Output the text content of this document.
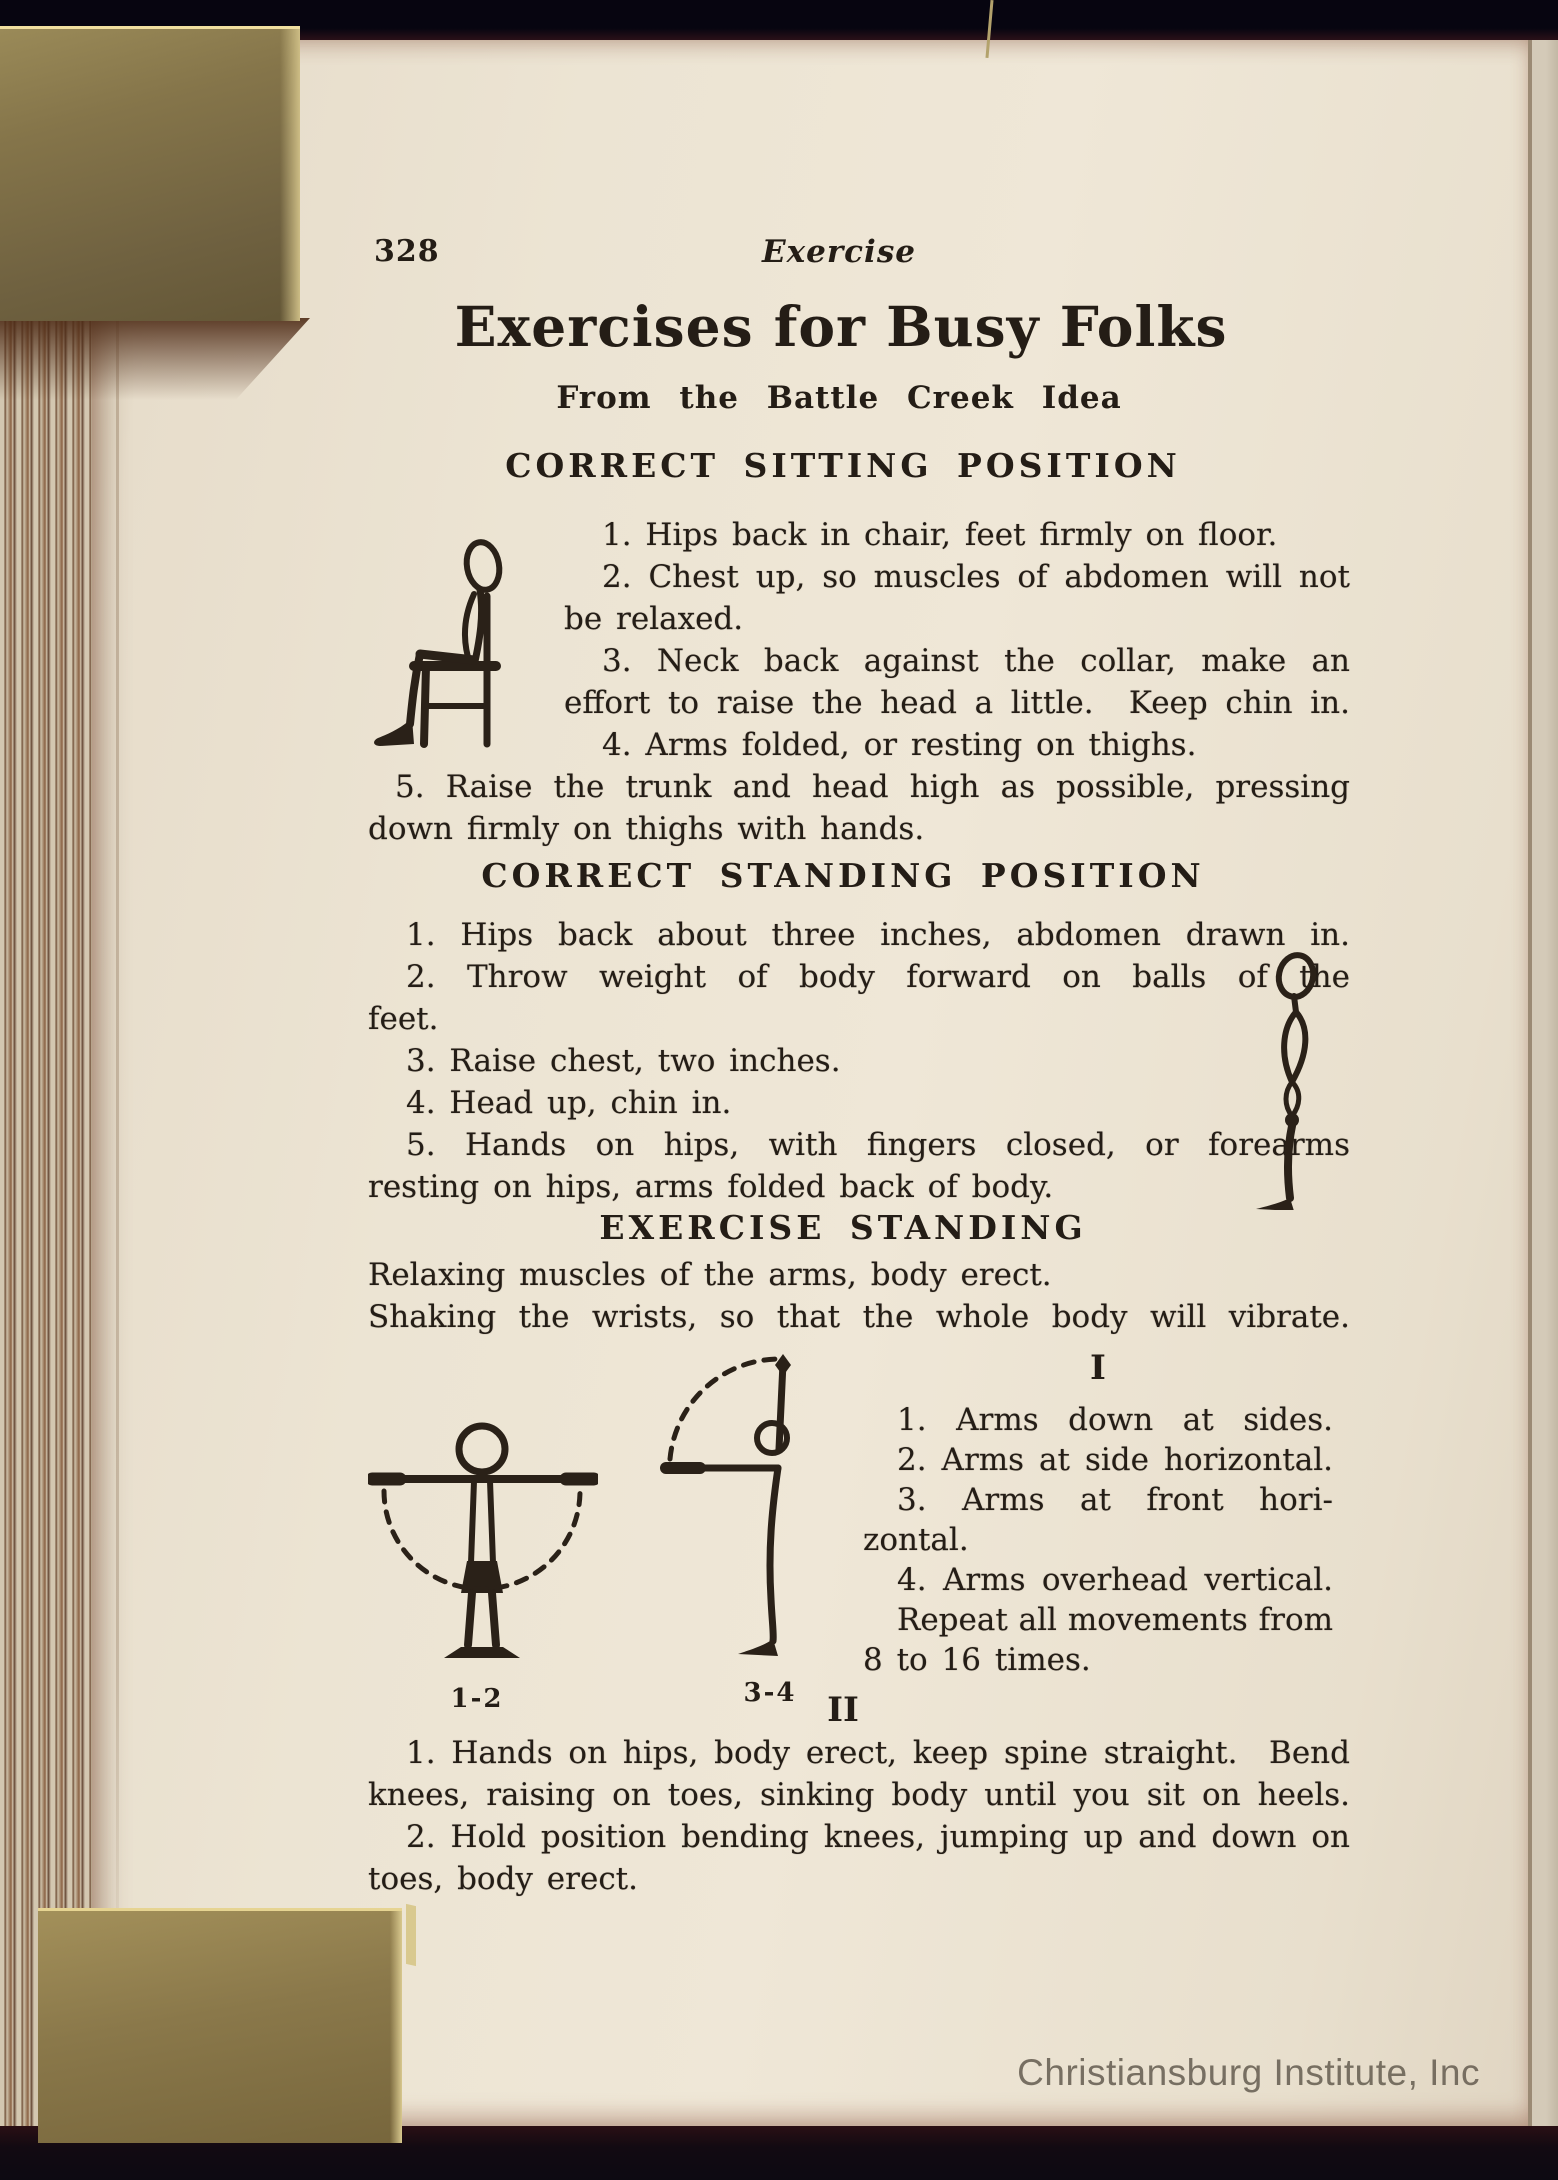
328	Exercise
Exercises for Busy Folks
From the Battle Creek Idea
CORRECT SITTING POSITION
1. Hips back in chair, feet firmly on floor.
2. Chest up, so muscles of abdomen will not
be relaxed.
3. Neck back against the collar, make an
effort to raise the head a little.  Keep chin in.
4. Arms folded, or resting on thighs.
5. Raise the trunk and head high as possible, pressing
down firmly on thighs with hands.
CORRECT STANDING POSITION
1. Hips back about three inches, abdomen drawn in.
2. Throw weight of body forward on balls of the
feet.
3. Raise chest, two inches.
4. Head up, chin in.
5. Hands on hips, with fingers closed, or forearms
resting on hips, arms folded back of body.
EXERCISE STANDING
Relaxing muscles of the arms, body erect.
Shaking the wrists, so that the whole body will vibrate.
1-2	3-4
I
1. Arms down at sides.
2. Arms at side horizontal.
3. Arms at front hori-
zontal.
4. Arms overhead vertical.
Repeat all movements from
8 to 16 times.
II
1. Hands on hips, body erect, keep spine straight.  Bend
knees, raising on toes, sinking body until you sit on heels.
2. Hold position bending knees, jumping up and down on
toes, body erect.
Christiansburg Institute, Inc
